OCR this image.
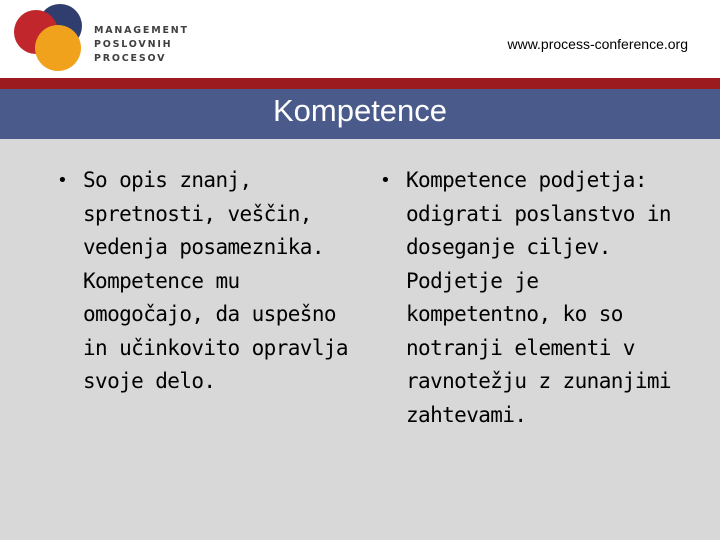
MANAGEMENT
POSLOVNIH
PROCESOV
www.process-conference.org
Kompetence
• So opis znanj,
spretnosti, veščin,
vedenja posameznika.
Kompetence mu
omogočajo, da uspešno
in učinkovito opravlja
svoje delo.
• Kompetence podjetja:
odigrati poslanstvo in
doseganje ciljev.
Podjetje je
kompetentno, ko so
notranji elementi v
ravnotežju z zunanjimi
zahtevami.
